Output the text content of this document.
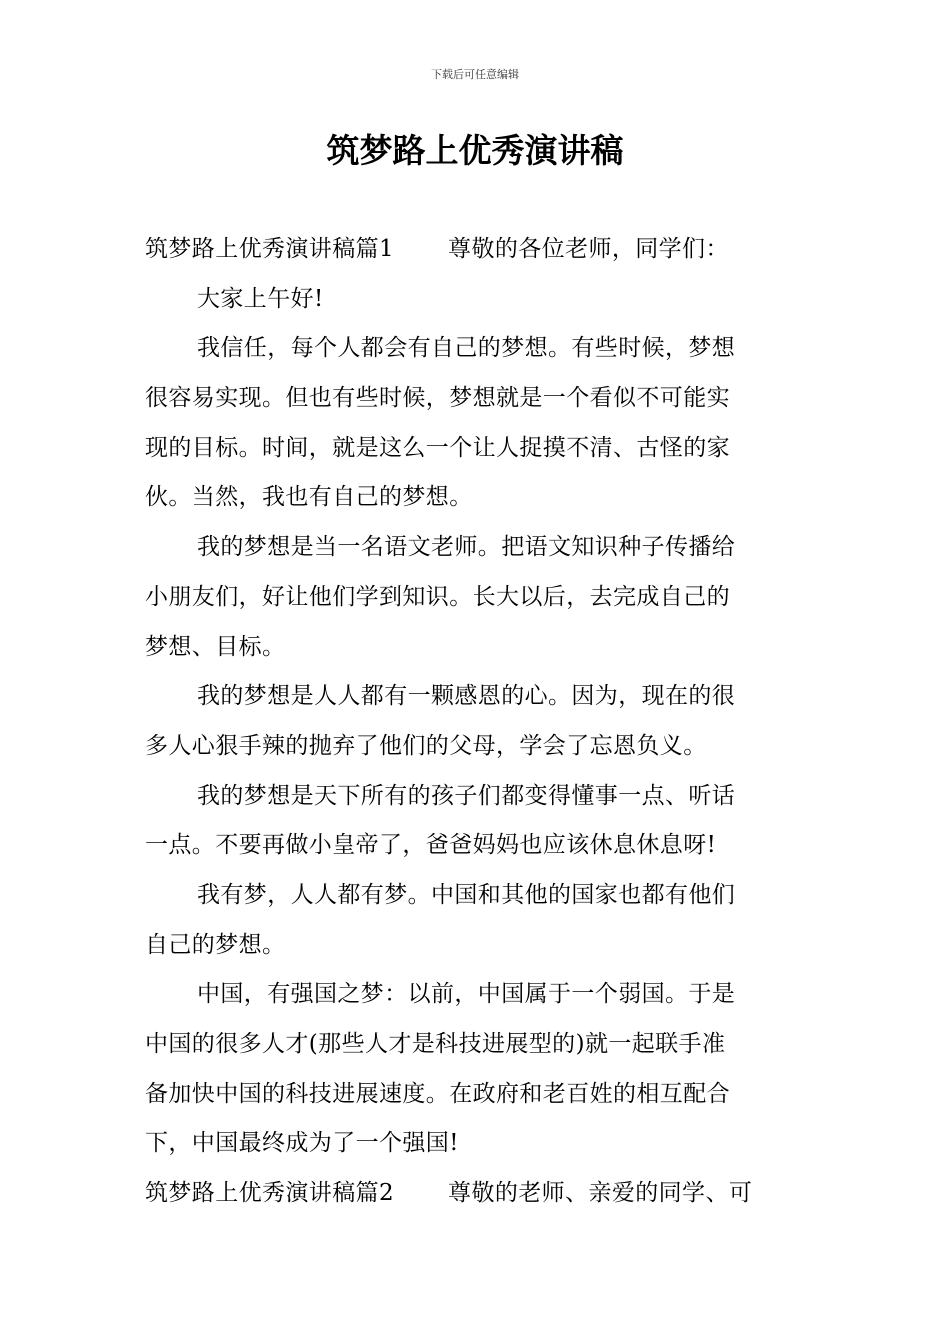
下载后可任意编辑
筑梦路上优秀演讲稿
筑梦路上优秀演讲稿篇1 尊敬的各位老师，同学们：
大家上午好!
我信任，每个人都会有自己的梦想。有些时候，梦想
很容易实现。但也有些时候，梦想就是一个看似不可能实
现的目标。时间，就是这么一个让人捉摸不清、古怪的家
伙。当然，我也有自己的梦想。
我的梦想是当一名语文老师。把语文知识种子传播给
小朋友们，好让他们学到知识。长大以后，去完成自己的
梦想、目标。
我的梦想是人人都有一颗感恩的心。因为，现在的很
多人心狠手辣的抛弃了他们的父母，学会了忘恩负义。
我的梦想是天下所有的孩子们都变得懂事一点、听话
一点。不要再做小皇帝了，爸爸妈妈也应该休息休息呀!
我有梦，人人都有梦。中国和其他的国家也都有他们
自己的梦想。
中国，有强国之梦：以前，中国属于一个弱国。于是
中国的很多人才(那些人才是科技进展型的)就一起联手准
备加快中国的科技进展速度。在政府和老百姓的相互配合
下，中国最终成为了一个强国!
筑梦路上优秀演讲稿篇2 尊敬的老师、亲爱的同学、可
